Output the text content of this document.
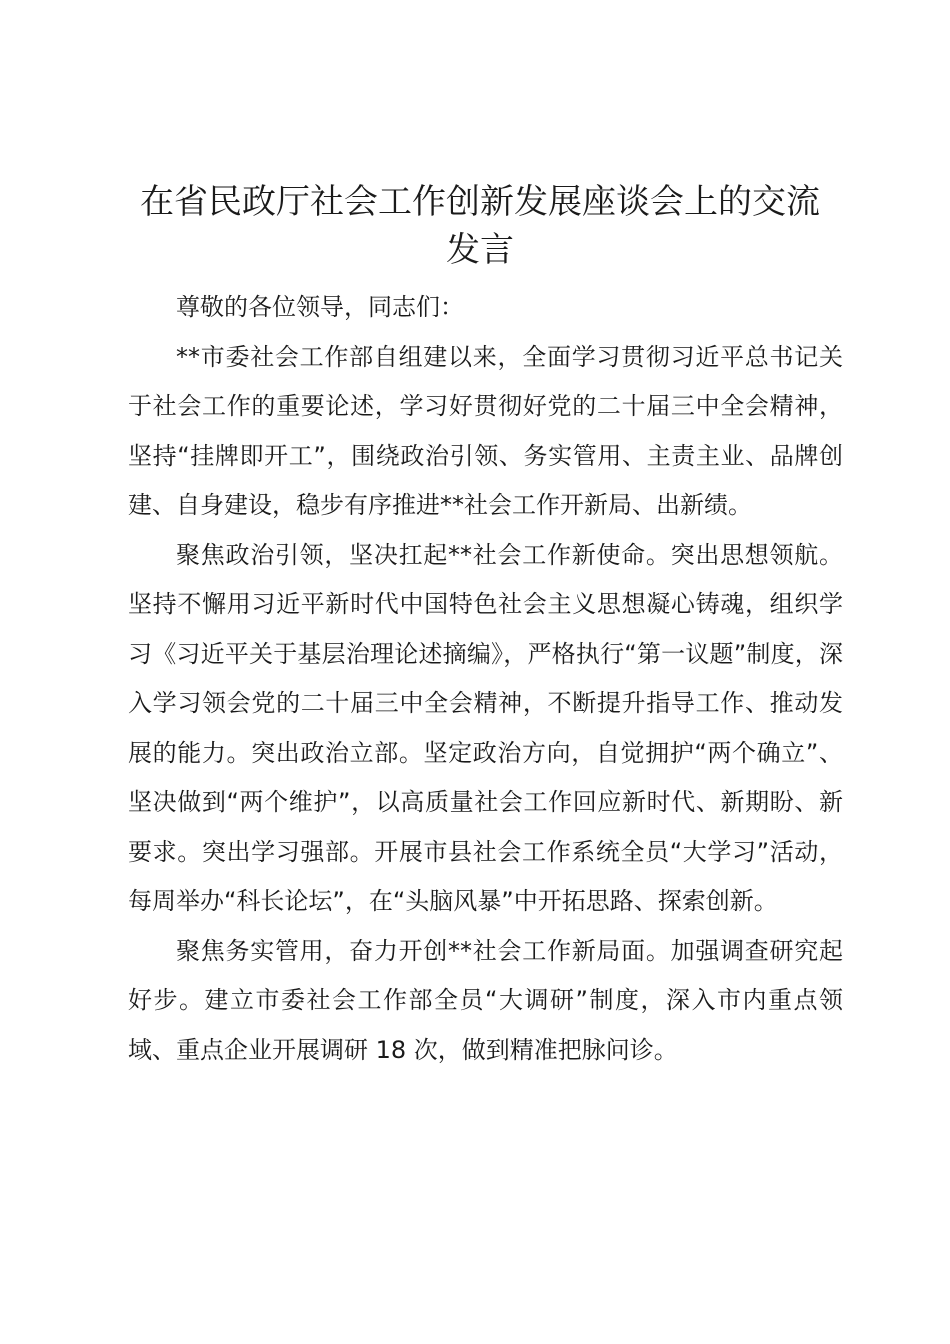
在省民政厅社会工作创新发展座谈会上的交流
发言

尊敬的各位领导，同志们：

**市委社会工作部自组建以来，全面学习贯彻习近平总书记关于社会工作的重要论述，学习好贯彻好党的二十届三中全会精神，坚持“挂牌即开工”，围绕政治引领、务实管用、主责主业、品牌创建、自身建设，稳步有序推进**社会工作开新局、出新绩。

聚焦政治引领，坚决扛起**社会工作新使命。突出思想领航。坚持不懈用习近平新时代中国特色社会主义思想凝心铸魂，组织学习《习近平关于基层治理论述摘编》，严格执行“第一议题”制度，深入学习领会党的二十届三中全会精神，不断提升指导工作、推动发展的能力。突出政治立部。坚定政治方向，自觉拥护“两个确立”、坚决做到“两个维护”，以高质量社会工作回应新时代、新期盼、新要求。突出学习强部。开展市县社会工作系统全员“大学习”活动，每周举办“科长论坛”，在“头脑风暴”中开拓思路、探索创新。

聚焦务实管用，奋力开创**社会工作新局面。加强调查研究起好步。建立市委社会工作部全员“大调研”制度，深入市内重点领域、重点企业开展调研 18 次，做到精准把脉问诊。
